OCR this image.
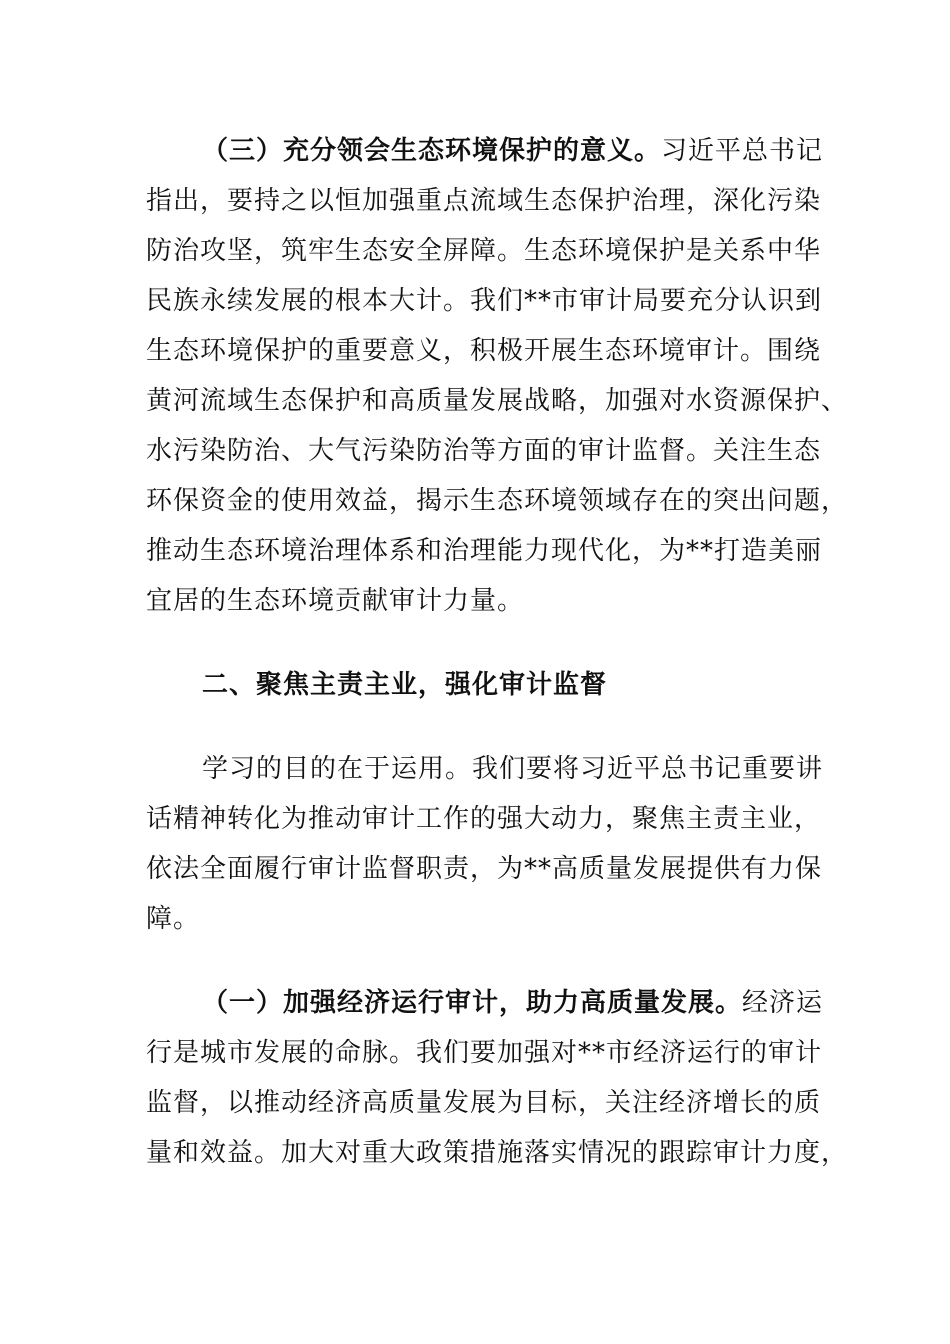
（三）充分领会生态环境保护的意义。习近平总书记
指出，要持之以恒加强重点流域生态保护治理，深化污染
防治攻坚，筑牢生态安全屏障。生态环境保护是关系中华
民族永续发展的根本大计。我们**市审计局要充分认识到
生态环境保护的重要意义，积极开展生态环境审计。围绕
黄河流域生态保护和高质量发展战略，加强对水资源保护、
水污染防治、大气污染防治等方面的审计监督。关注生态
环保资金的使用效益，揭示生态环境领域存在的突出问题，
推动生态环境治理体系和治理能力现代化，为**打造美丽
宜居的生态环境贡献审计力量。
二、聚焦主责主业，强化审计监督
学习的目的在于运用。我们要将习近平总书记重要讲
话精神转化为推动审计工作的强大动力，聚焦主责主业，
依法全面履行审计监督职责，为**高质量发展提供有力保
障。
（一）加强经济运行审计，助力高质量发展。经济运
行是城市发展的命脉。我们要加强对**市经济运行的审计
监督，以推动经济高质量发展为目标，关注经济增长的质
量和效益。加大对重大政策措施落实情况的跟踪审计力度，
